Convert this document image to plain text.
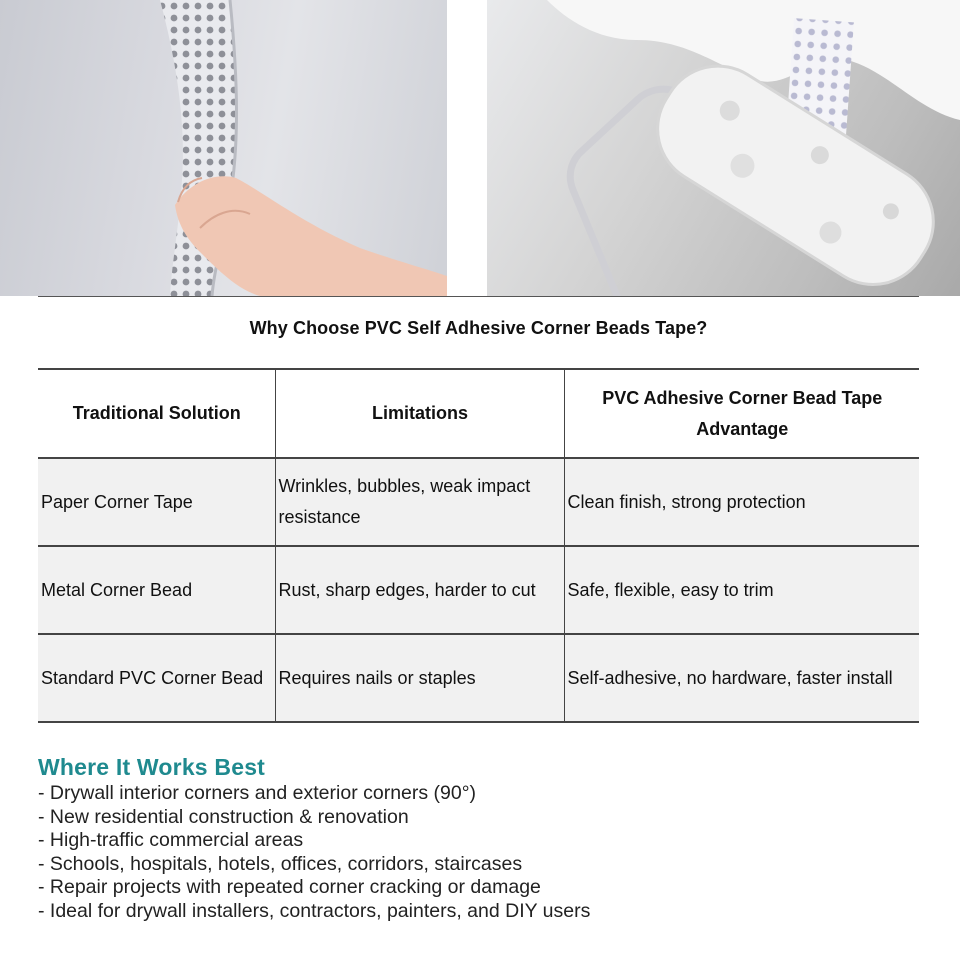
Why Choose PVC Self Adhesive Corner Beads Tape?
Traditional Solution	Limitations	PVC Adhesive Corner Bead Tape Advantage
Paper Corner Tape	Wrinkles, bubbles, weak impact resistance	Clean finish, strong protection
Metal Corner Bead	Rust, sharp edges, harder to cut	Safe, flexible, easy to trim
Standard PVC Corner Bead	Requires nails or staples	Self-adhesive, no hardware, faster install
Where It Works Best
- Drywall interior corners and exterior corners (90°)
- New residential construction & renovation
- High-traffic commercial areas
- Schools, hospitals, hotels, offices, corridors, staircases
- Repair projects with repeated corner cracking or damage
- Ideal for drywall installers, contractors, painters, and DIY users
